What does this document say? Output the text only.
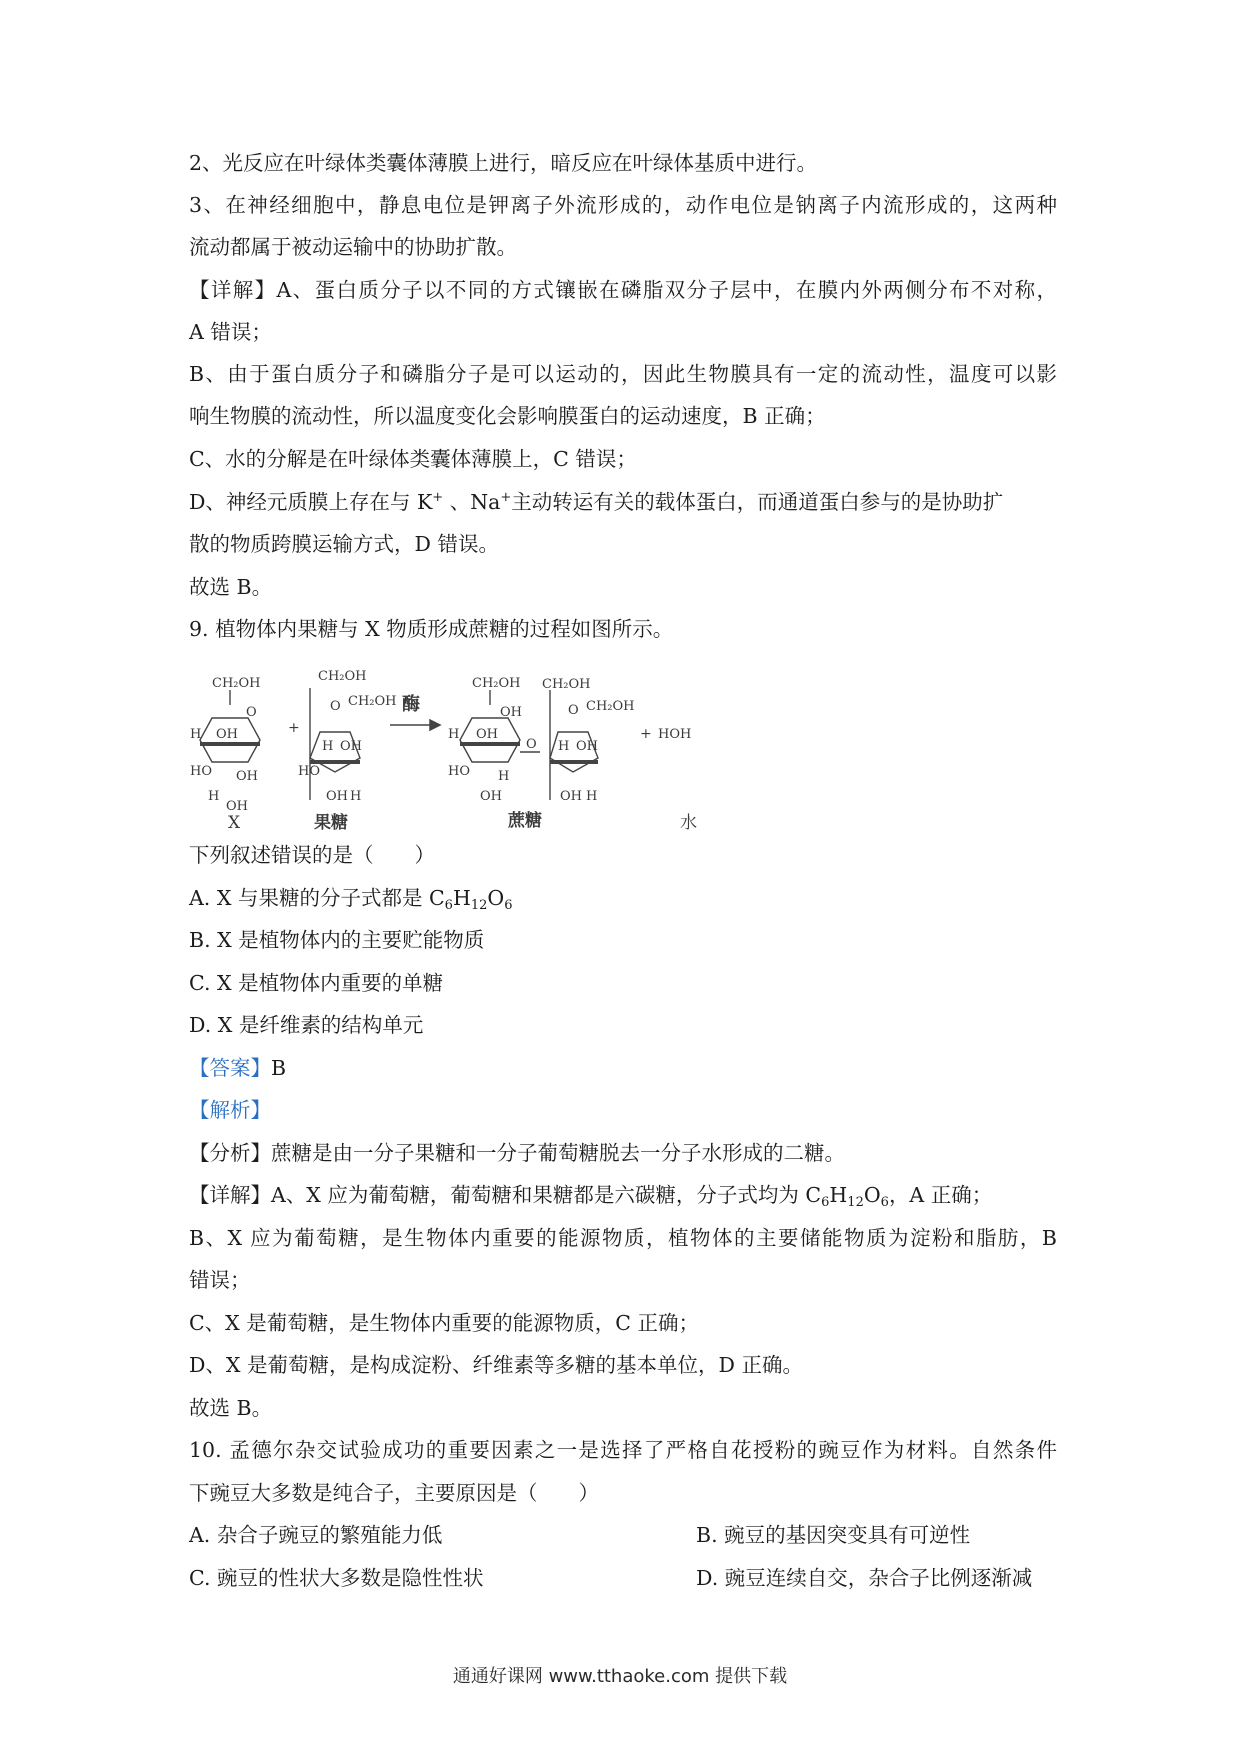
2、光反应在叶绿体类囊体薄膜上进行，暗反应在叶绿体基质中进行。
3、在神经细胞中，静息电位是钾离子外流形成的，动作电位是钠离子内流形成的，这两种
流动都属于被动运输中的协助扩散。
【详解】A、蛋白质分子以不同的方式镶嵌在磷脂双分子层中，在膜内外两侧分布不对称，
A 错误；
B、由于蛋白质分子和磷脂分子是可以运动的，因此生物膜具有一定的流动性，温度可以影
响生物膜的流动性，所以温度变化会影响膜蛋白的运动速度，B 正确；
C、水的分解是在叶绿体类囊体薄膜上，C 错误；
D、神经元质膜上存在与 K+ 、Na+主动转运有关的载体蛋白，而通道蛋白参与的是协助扩
散的物质跨膜运输方式，D 错误。
故选 B。
9. 植物体内果糖与 X 物质形成蔗糖的过程如图所示。
CH₂OH
H
O
OH
HO OH
H
OH
X
+
CH₂OH
O CH₂OH
H OH
HO
OH H
果糖
酶
CH₂OH
H
OH
OH
HO H
OH
O
CH₂OH
O CH₂OH
H OH
OH H
蔗糖
+ HOH
水
下列叙述错误的是（　　）
A. X 与果糖的分子式都是 C6H12O6
B. X 是植物体内的主要贮能物质
C. X 是植物体内重要的单糖
D. X 是纤维素的结构单元
【答案】B
【解析】
【分析】蔗糖是由一分子果糖和一分子葡萄糖脱去一分子水形成的二糖。
【详解】A、X 应为葡萄糖，葡萄糖和果糖都是六碳糖，分子式均为 C6H12O6，A 正确；
B、X 应为葡萄糖，是生物体内重要的能源物质，植物体的主要储能物质为淀粉和脂肪，B
错误；
C、X 是葡萄糖，是生物体内重要的能源物质，C 正确；
D、X 是葡萄糖，是构成淀粉、纤维素等多糖的基本单位，D 正确。
故选 B。
10. 孟德尔杂交试验成功的重要因素之一是选择了严格自花授粉的豌豆作为材料。自然条件
下豌豆大多数是纯合子，主要原因是（　　）
A. 杂合子豌豆的繁殖能力低	B. 豌豆的基因突变具有可逆性
C. 豌豆的性状大多数是隐性性状	D. 豌豆连续自交，杂合子比例逐渐减
通通好课网 www.tthaoke.com 提供下载
